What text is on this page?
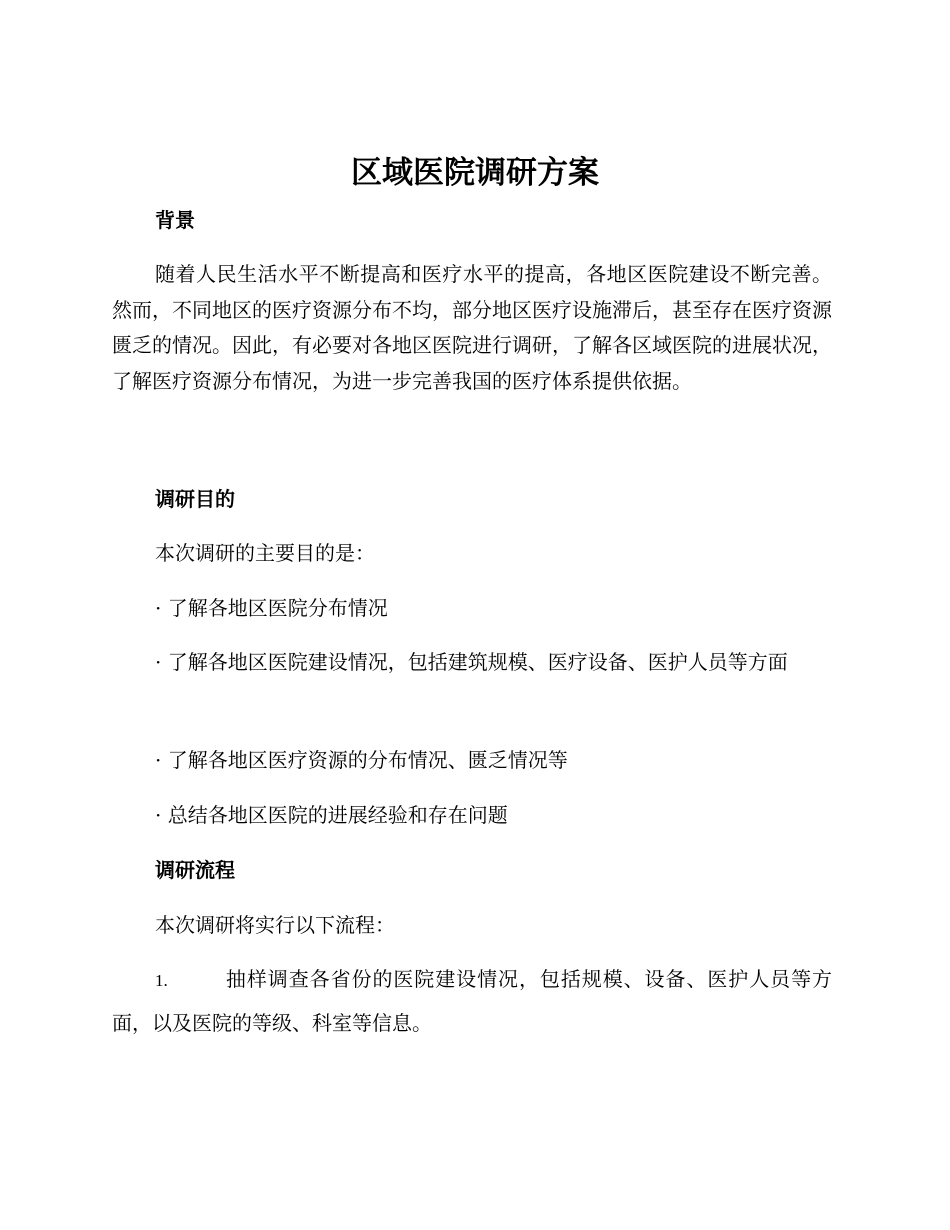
区域医院调研方案
背景
随着人民生活水平不断提高和医疗水平的提高，各地区医院建设不断完善。然而，不同地区的医疗资源分布不均，部分地区医疗设施滞后，甚至存在医疗资源匮乏的情况。因此，有必要对各地区医院进行调研，了解各区域医院的进展状况，了解医疗资源分布情况，为进一步完善我国的医疗体系提供依据。
调研目的
本次调研的主要目的是：
· 了解各地区医院分布情况
· 了解各地区医院建设情况，包括建筑规模、医疗设备、医护人员等方面
· 了解各地区医疗资源的分布情况、匮乏情况等
· 总结各地区医院的进展经验和存在问题
调研流程
本次调研将实行以下流程：
1.	抽样调查各省份的医院建设情况，包括规模、设备、医护人员等方面，以及医院的等级、科室等信息。
